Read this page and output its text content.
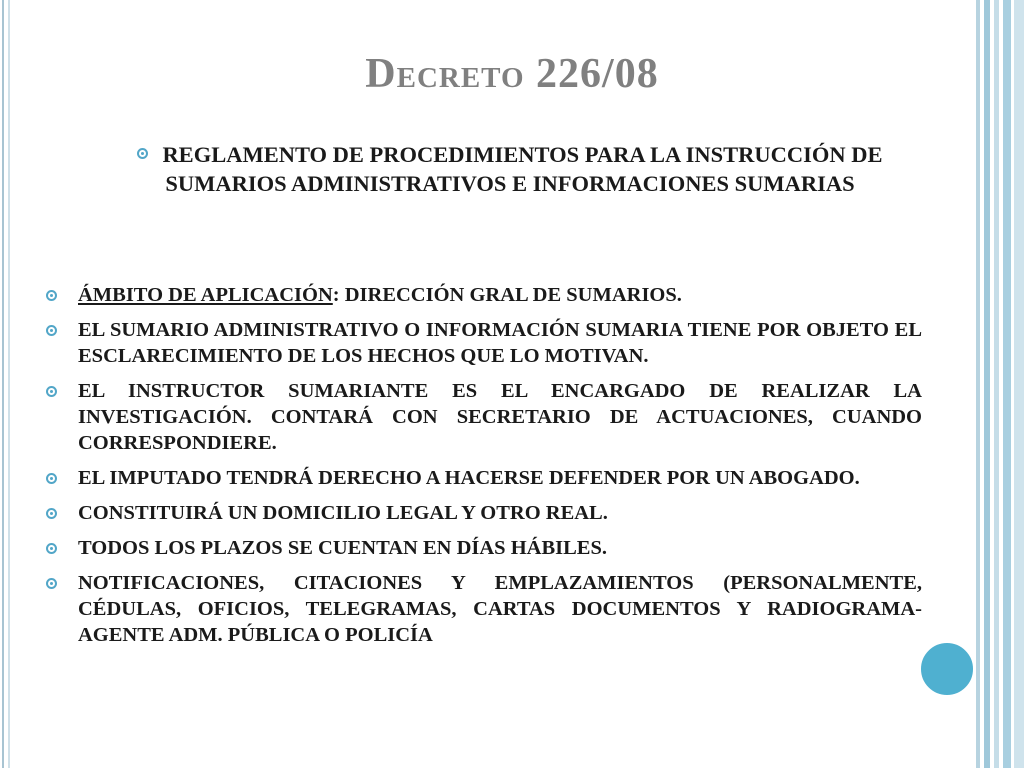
Decreto 226/08
REGLAMENTO DE PROCEDIMIENTOS PARA LA INSTRUCCIÓN DE SUMARIOS ADMINISTRATIVOS E INFORMACIONES SUMARIAS
ÁMBITO DE APLICACIÓN: DIRECCIÓN GRAL DE SUMARIOS.
EL SUMARIO ADMINISTRATIVO O INFORMACIÓN SUMARIA TIENE POR OBJETO EL ESCLARECIMIENTO DE LOS HECHOS QUE LO MOTIVAN.
EL INSTRUCTOR SUMARIANTE ES EL ENCARGADO DE REALIZAR LA INVESTIGACIÓN. CONTARÁ CON SECRETARIO DE ACTUACIONES, CUANDO CORRESPONDIERE.
EL IMPUTADO TENDRÁ DERECHO A HACERSE DEFENDER POR UN ABOGADO.
CONSTITUIRÁ UN DOMICILIO LEGAL Y OTRO REAL.
TODOS LOS PLAZOS SE CUENTAN EN DÍAS HÁBILES.
NOTIFICACIONES, CITACIONES Y EMPLAZAMIENTOS (PERSONALMENTE, CÉDULAS, OFICIOS, TELEGRAMAS, CARTAS DOCUMENTOS Y RADIOGRAMA-AGENTE ADM. PÚBLICA O POLICÍA
